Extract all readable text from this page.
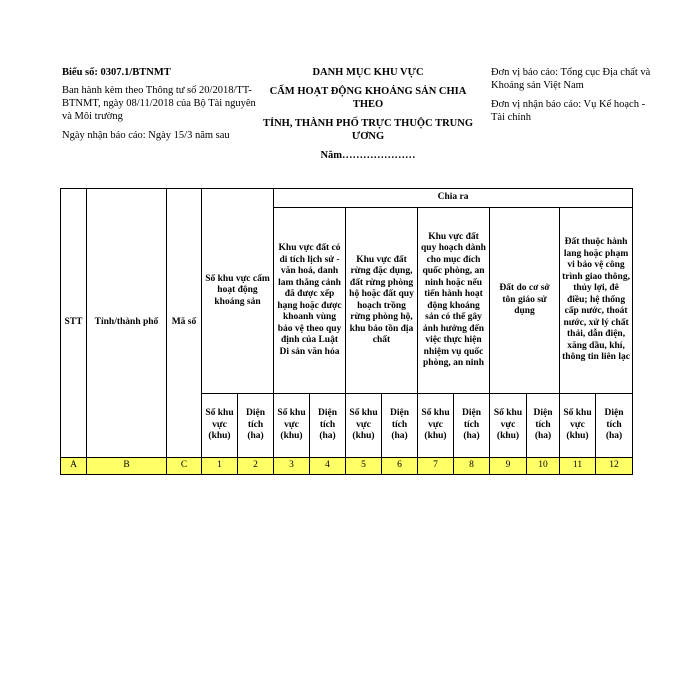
Biểu số: 0307.1/BTNMT

Ban hành kèm theo Thông tư số 20/2018/TT-BTNMT, ngày 08/11/2018 của Bộ Tài nguyên và Môi trường

Ngày nhận báo cáo: Ngày 15/3 năm sau

DANH MỤC KHU VỰC
CẤM HOẠT ĐỘNG KHOÁNG SẢN CHIA THEO
TỈNH, THÀNH PHỐ TRỰC THUỘC TRUNG ƯƠNG
Năm…………………

Đơn vị báo cáo: Tổng cục Địa chất và Khoáng sản Việt Nam

Đơn vị nhận báo cáo: Vụ Kế hoạch - Tài chính

STT	Tỉnh/thành phố	Mã số	Số khu vực cấm hoạt động khoáng sản		Chia ra									
					Khu vực đất có di tích lịch sử - văn hoá, danh lam thắng cảnh đã được xếp hạng hoặc được khoanh vùng bảo vệ theo quy định của Luật Di sản văn hóa		Khu vực đất rừng đặc dụng, đất rừng phòng hộ hoặc đất quy hoạch trồng rừng phòng hộ, khu bảo tồn địa chất		Khu vực đất quy hoạch dành cho mục đích quốc phòng, an ninh hoặc nếu tiến hành hoạt động khoáng sản có thể gây ảnh hưởng đến việc thực hiện nhiệm vụ quốc phòng, an ninh		Đất do cơ sở tôn giáo sử dụng		Đất thuộc hành lang hoặc phạm vi bảo vệ công trình giao thông, thủy lợi, đê điều; hệ thống cấp nước, thoát nước, xử lý chất thải, dẫn điện, xăng dầu, khí, thông tin liên lạc	
			Số khu vực (khu)	Diện tích (ha)	Số khu vực (khu)	Diện tích (ha)	Số khu vực (khu)	Diện tích (ha)	Số khu vực (khu)	Diện tích (ha)	Số khu vực (khu)	Diện tích (ha)	Số khu vực (khu)	Diện tích (ha)
A	B	C	1	2	3	4	5	6	7	8	9	10	11	12
